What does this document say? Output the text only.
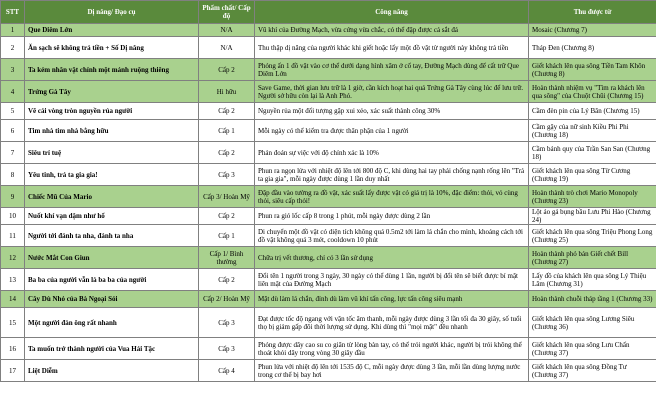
STT	Dị năng/ Đạo cụ	Phẩm chất/ Cấp độ	Công năng	Thu được từ
1	Que Diêm Lớn	N/A	Vũ khí của Đường Mạch, vừa cứng vừa chắc, có thể đập được cả sắt đá	Mosaic (Chương 7)
2	Ăn sạch sẽ không trả tiền + Số Dị năng	N/A	Thu thập dị năng của người khác khi giết hoặc lấy một đồ vật từ người này không trả tiền	Tháp Đen (Chương 8)
3	Ta kém nhân vật chính một mảnh ruộng thiêng	Cấp 2	Phóng ấn 1 đồ vật vào cơ thể dưới dạng hình xăm ở cổ tay, Đường Mạch dùng để cất trữ Que Diêm Lớn	Giết khách lên qua sông Tiền Tam Khôn (Chương 8)
4	Trứng Gà Tây	Hi hữu	Save Game, thời gian lưu trữ là 1 giờ, cần kích hoạt hai quả Trứng Gà Tây cùng lúc để lưu trữ. Người sở hữu còn lại là Anh Phó.	Hoàn thành nhiệm vụ "Tìm ra khách lên qua sông" của Chuột Chũi (Chương 15)
5	Vẽ cái vòng tròn nguyền rủa người	Cấp 2	Nguyền rủa một đối tượng gặp xui xẻo, xác suất thành công 30%	Cầm đèn pin của Lý Bân (Chương 15)
6	Tim nhà tim nhà bằng hữu	Cấp 1	Mỗi ngày có thể kiểm tra được thân phận của 1 người	Cầm gậy của nữ sinh Kiều Phi Phi (Chương 18)
7	Siêu trí tuệ	Cấp 2	Phán đoán sự việc với độ chính xác là 10%	Cầm bánh quy của Trần San San (Chương 18)
8	Yêu tinh, trả ta gia gia!	Cấp 3	Phun ra ngọn lửa với nhiệt độ lên tới 800 độ C, khi dùng hai tay phải chống nạnh rống lên "Trả ta gia gia", mỗi ngày được dùng 1 lần duy nhất	Giết khách lên qua sông Từ Cương (Chương 19)
9	Chiếc Mũ Của Mario	Cấp 3/ Hoàn Mỹ	Đập đầu vào tường ra đồ vật, xác suất lấy được vật có giá trị là 10%, đặc điểm: thỏi, vỏ cùng thỏi, siêu cấp thỏi!	Hoàn thành trò chơi Mario Monopoly (Chương 23)
10	Nuốt khí vạn dặm như hổ	Cấp 2	Phun ra gió lốc cấp 8 trong 1 phút, mỗi ngày được dùng 2 lần	Lột áo gả bụng bầu Lưu Phi Hào (Chương 24)
11	Người tới đánh ta nha, đánh ta nha	Cấp 1	Di chuyển một đồ vật có diện tích không quá 0.5m2 tới làm lá chắn cho mình, khoảng cách tới đồ vật không quá 3 mét, cooldown 10 phút	Giết khách lên qua sông Triệu Phong Long (Chương 25)
12	Nước Mắt Con Giun	Cấp 1/ Bình thường	Chữa trị vết thương, chỉ có 3 lần sử dụng	Hoàn thành phó bản Giết chết Bill (Chương 27)
13	Ba ba của người vẫn là ba ba của người	Cấp 2	Đổi tên 1 người trong 3 ngày, 30 ngày có thể dùng 1 lần, người bị đổi tên sẽ biết được bí mật liên mật của Đường Mạch	Lấy đồ của khách lên qua sông Lý Thiệu Lâm (Chương 31)
14	Cây Dù Nhỏ của Bà Ngoại Sói	Cấp 2/ Hoàn Mỹ	Mặt dù làm lá chắn, đỉnh dù làm vũ khí tấn công, lực tấn công siêu mạnh	Hoàn thành chuỗi tháp tầng 1 (Chương 33)
15	Một người đàn ông rất nhanh	Cấp 3	Đạt được tốc độ ngang với vận tốc âm thanh, mỗi ngày được dùng 3 lần tối đa 30 giây, số tuổi thọ bị giảm gấp đôi thời lượng sử dụng. Khi dùng thì "mọi mặt" đều nhanh	Giết khách lên qua sông Lương Siêu (Chương 36)
16	Ta muốn trở thành người của Vua Hải Tặc	Cấp 3	Phóng được dây cao su co giãn từ lòng bàn tay, có thể trói người khác, người bị trói không thể thoát khỏi dây trong vòng 30 giây đầu	Giết khách lên qua sông Lưu Chấn (Chương 37)
17	Liệt Diễm	Cấp 4	Phun lửa với nhiệt độ lên tới 1535 độ C, mỗi ngày được dùng 3 lần, mỗi lần dùng lượng nước trong cơ thể bị bay hơi	Giết khách lên qua sông Đồng Tư (Chương 37)
